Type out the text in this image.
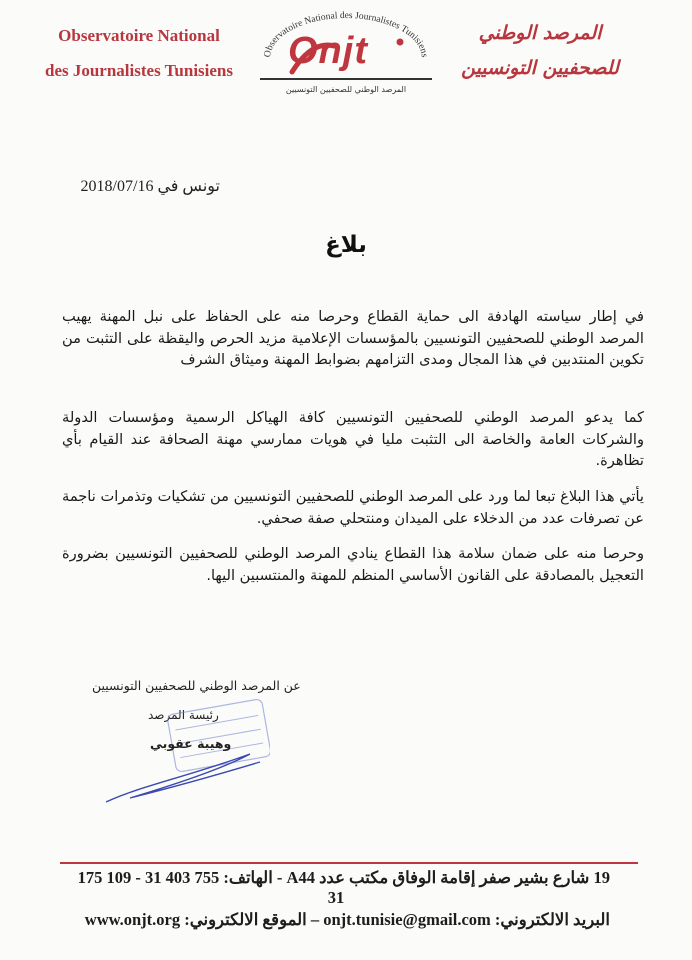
Observatoire National
des Journalistes Tunisiens
Observatoire National des Journalistes Tunisiens
المرصد الوطني للصحفيين التونسيين
Onjt	المرصد الوطني
للصحفيين التونسيين
تونس في 2018/07/16
بلاغ
في إطار سياسته الهادفة الى حماية القطاع وحرصا منه على الحفاظ على نبل المهنة يهيب المرصد الوطني للصحفيين التونسيين بالمؤسسات الإعلامية مزيد الحرص واليقظة على التثبت من تكوين المنتدبين في هذا المجال ومدى التزامهم بضوابط المهنة وميثاق الشرف
كما يدعو المرصد الوطني للصحفيين التونسيين كافة الهياكل الرسمية ومؤسسات الدولة والشركات العامة والخاصة الى التثبت مليا في هويات ممارسي مهنة الصحافة عند القيام بأي تظاهرة.
يأتي هذا البلاغ تبعا لما ورد على المرصد الوطني للصحفيين التونسيين من تشكيات وتذمرات ناجمة عن تصرفات عدد من الدخلاء على الميدان ومنتحلي صفة صحفي.
وحرصا منه على ضمان سلامة هذا القطاع ينادي المرصد الوطني للصحفيين التونسيين بضرورة التعجيل بالمصادقة على القانون الأساسي المنظم للمهنة والمنتسبين اليها.
عن المرصد الوطني للصحفيين التونسيين
رئيسة المرصد
وهيبة عقوبي
19 شارع بشير صفر إقامة الوفاق مكتب عدد A44 - الهاتف: 755 403 31 - 109 175
31
البريد الالكتروني: onjt.tunisie@gmail.com – الموقع الالكتروني: www.onjt.org
